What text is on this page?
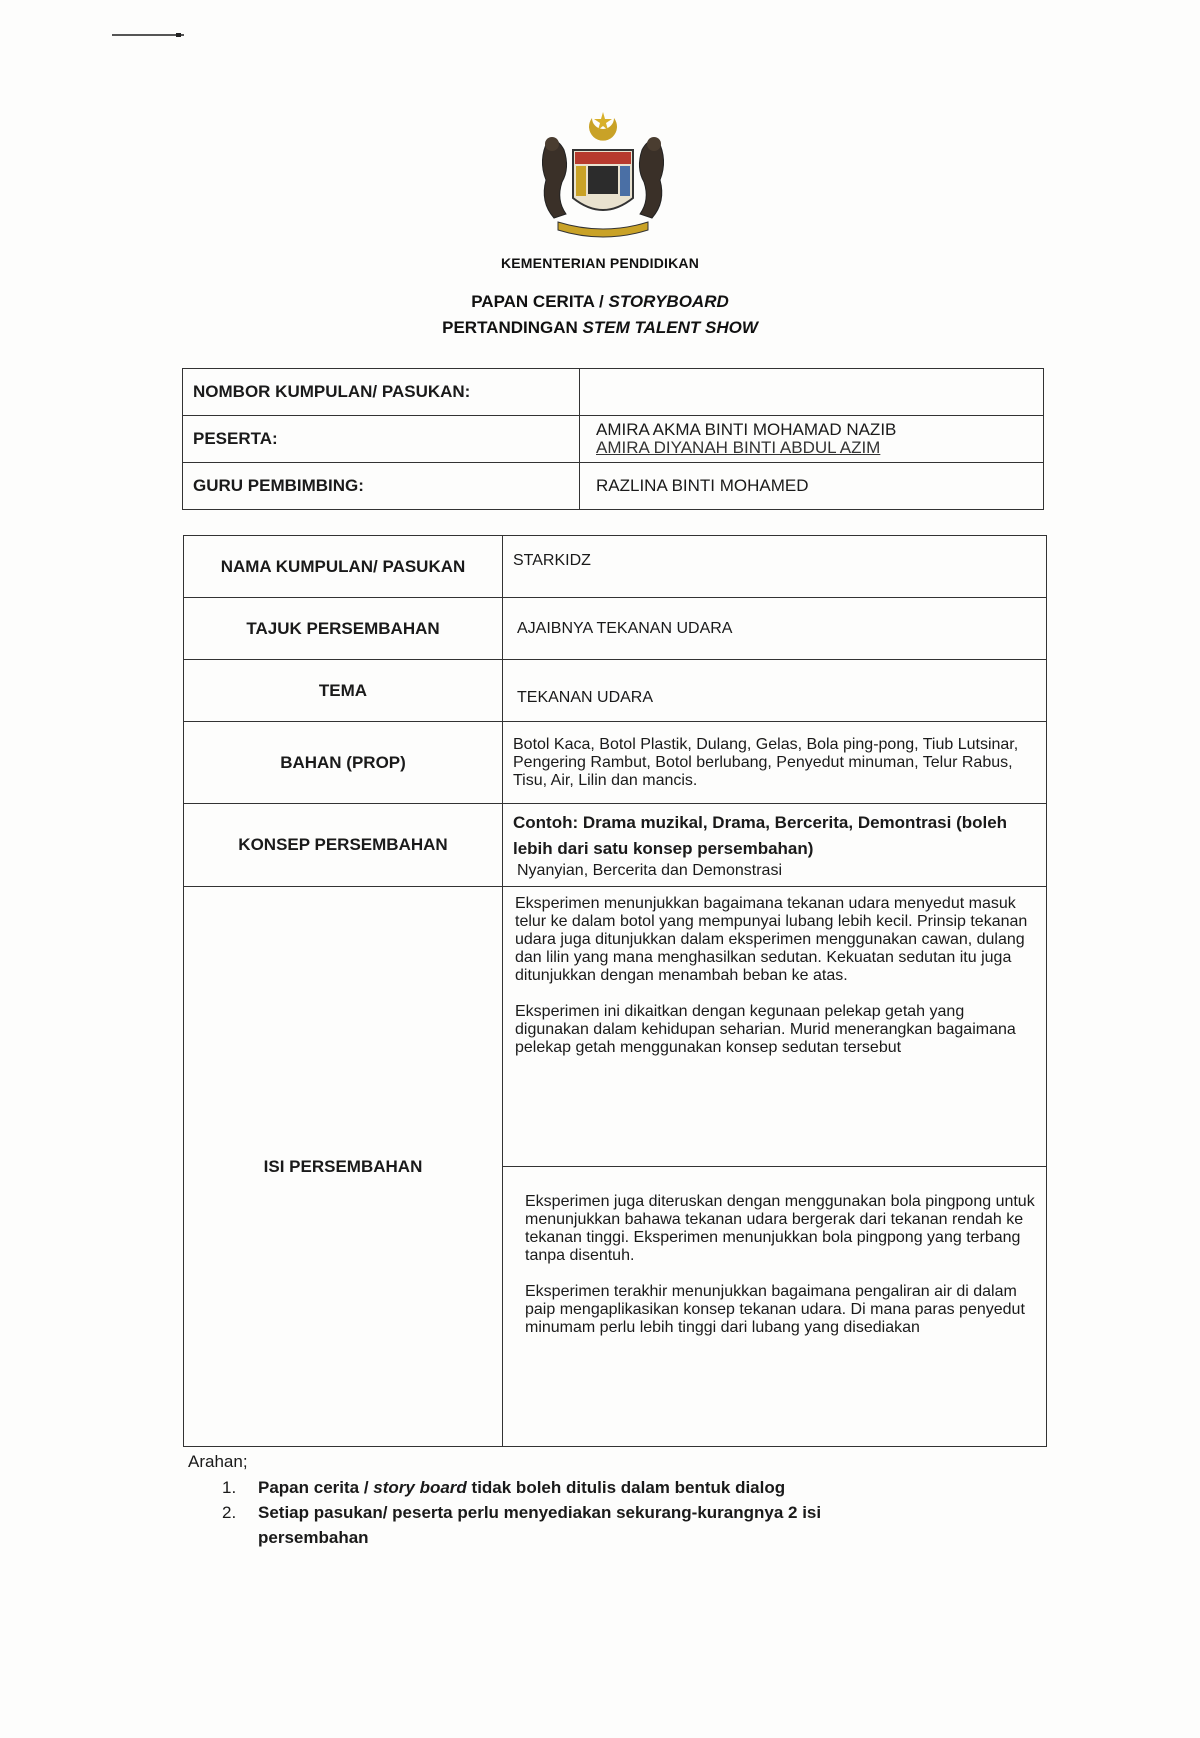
KEMENTERIAN PENDIDIKAN
PAPAN CERITA / STORYBOARD
PERTANDINGAN STEM TALENT SHOW
NOMBOR KUMPULAN/ PASUKAN:	
PESERTA:	AMIRA AKMA BINTI MOHAMAD NAZIB
AMIRA DIYANAH BINTI ABDUL AZIM

GURU PEMBIMBING:	RAZLINA BINTI MOHAMED
NAMA KUMPULAN/ PASUKAN	STARKIDZ
TAJUK PERSEMBAHAN	AJAIBNYA TEKANAN UDARA
TEMA	TEKANAN UDARA
BAHAN (PROP)	Botol Kaca, Botol Plastik, Dulang, Gelas, Bola ping-pong, Tiub Lutsinar, Pengering Rambut, Botol berlubang, Penyedut minuman, Telur Rabus, Tisu, Air, Lilin dan mancis.
KONSEP PERSEMBAHAN	Contoh: Drama muzikal, Drama, Bercerita, Demontrasi (boleh lebih dari satu konsep persembahan)
Nyanyian, Bercerita dan Demonstrasi

ISI PERSEMBAHAN	Eksperimen menunjukkan bagaimana tekanan udara menyedut masuk telur ke dalam botol yang mempunyai lubang lebih kecil. Prinsip tekanan udara juga ditunjukkan dalam eksperimen menggunakan cawan, dulang dan lilin yang mana menghasilkan sedutan. Kekuatan sedutan itu juga ditunjukkan dengan menambah beban ke atas.

Eksperimen ini dikaitkan dengan kegunaan pelekap getah yang digunakan dalam kehidupan seharian. Murid menerangkan bagaimana pelekap getah menggunakan konsep sedutan tersebut

	Eksperimen juga diteruskan dengan menggunakan bola pingpong untuk menunjukkan bahawa tekanan udara bergerak dari tekanan rendah ke tekanan tinggi. Eksperimen menunjukkan bola pingpong yang terbang tanpa disentuh.

Eksperimen terakhir menunjukkan bagaimana pengaliran air di dalam paip mengaplikasikan konsep tekanan udara. Di mana paras penyedut minumam perlu lebih tinggi dari lubang yang disediakan

Arahan;
1. Papan cerita / story board tidak boleh ditulis dalam bentuk dialog
2. Setiap pasukan/ peserta perlu menyediakan sekurang-kurangnya 2 isi persembahan
